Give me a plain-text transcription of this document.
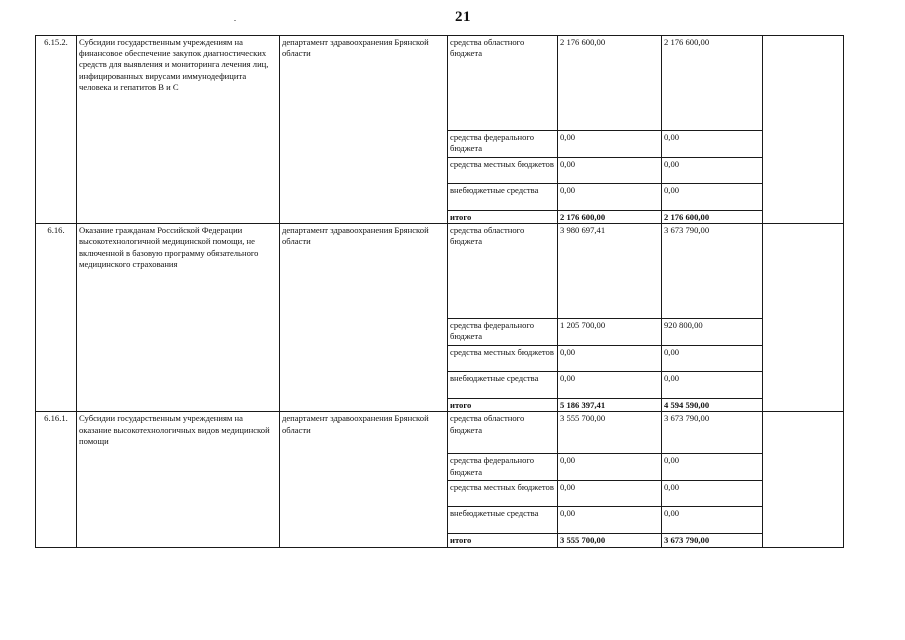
21
6.15.2.	Субсидии государственным учреждениям на финансовое обеспечение закупок диагностических средств для выявления и мониторинга лечения лиц, инфицированных вирусами иммунодефицита человека и гепатитов В и С	департамент здравоохранения Брянской области	средства областного бюджета	2 176 600,00	2 176 600,00	
			средства федерального бюджета	0,00	0,00	
			средства местных бюджетов	0,00	0,00	
			внебюджетные средства	0,00	0,00	
			итого	2 176 600,00	2 176 600,00	
6.16.	Оказание гражданам Российской Федерации высокотехнологичной медицинской помощи, не включенной в базовую программу обязательного медицинского страхования	департамент здравоохранения Брянской области	средства областного бюджета	3 980 697,41	3 673 790,00	
			средства федерального бюджета	1 205 700,00	920 800,00	
			средства местных бюджетов	0,00	0,00	
			внебюджетные средства	0,00	0,00	
			итого	5 186 397,41	4 594 590,00	
6.16.1.	Субсидии государственным учреждениям на оказание высокотехнологичных видов медицинской помощи	департамент здравоохранения Брянской области	средства областного бюджета	3 555 700,00	3 673 790,00	
			средства федерального бюджета	0,00	0,00	
			средства местных бюджетов	0,00	0,00	
			внебюджетные средства	0,00	0,00	
			итого	3 555 700,00	3 673 790,00	
